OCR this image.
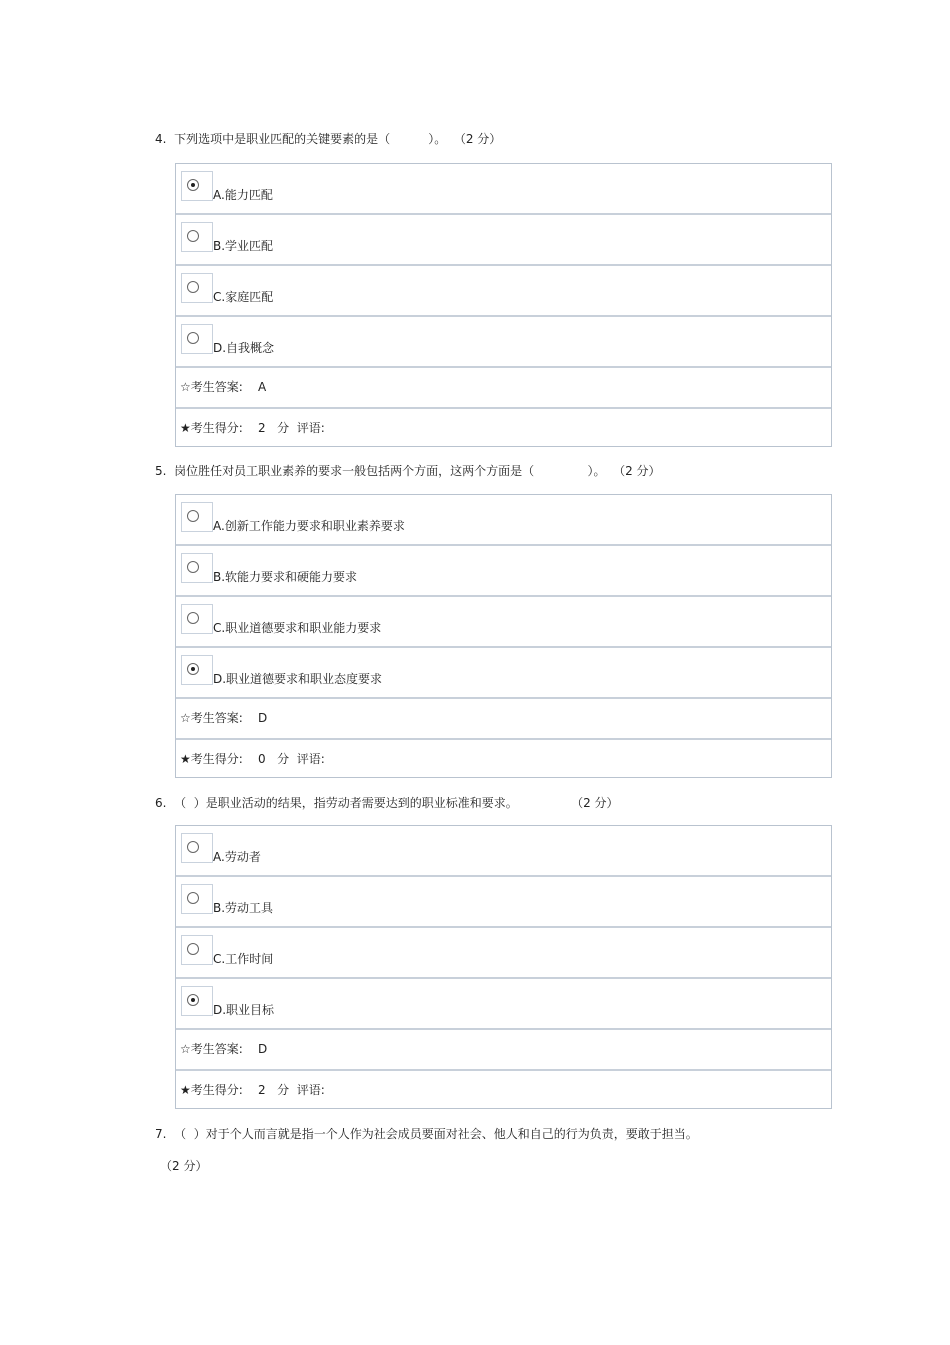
4.  下列选项中是职业匹配的关键要素的是（          ）。  （2 分）
A.能力匹配
B.学业匹配
C.家庭匹配
D.自我概念
☆考生答案:    A
★考生得分:    2   分  评语:
5.  岗位胜任对员工职业素养的要求一般包括两个方面，这两个方面是（              ）。  （2 分）
A.创新工作能力要求和职业素养要求
B.软能力要求和硬能力要求
C.职业道德要求和职业能力要求
D.职业道德要求和职业态度要求
☆考生答案:    D
★考生得分:    0   分  评语:
6.  （  ）是职业活动的结果，指劳动者需要达到的职业标准和要求。              （2 分）
A.劳动者
B.劳动工具
C.工作时间
D.职业目标
☆考生答案:    D
★考生得分:    2   分  评语:
7.  （  ）对于个人而言就是指一个人作为社会成员要面对社会、他人和自己的行为负责，要敢于担当。
（2 分）
